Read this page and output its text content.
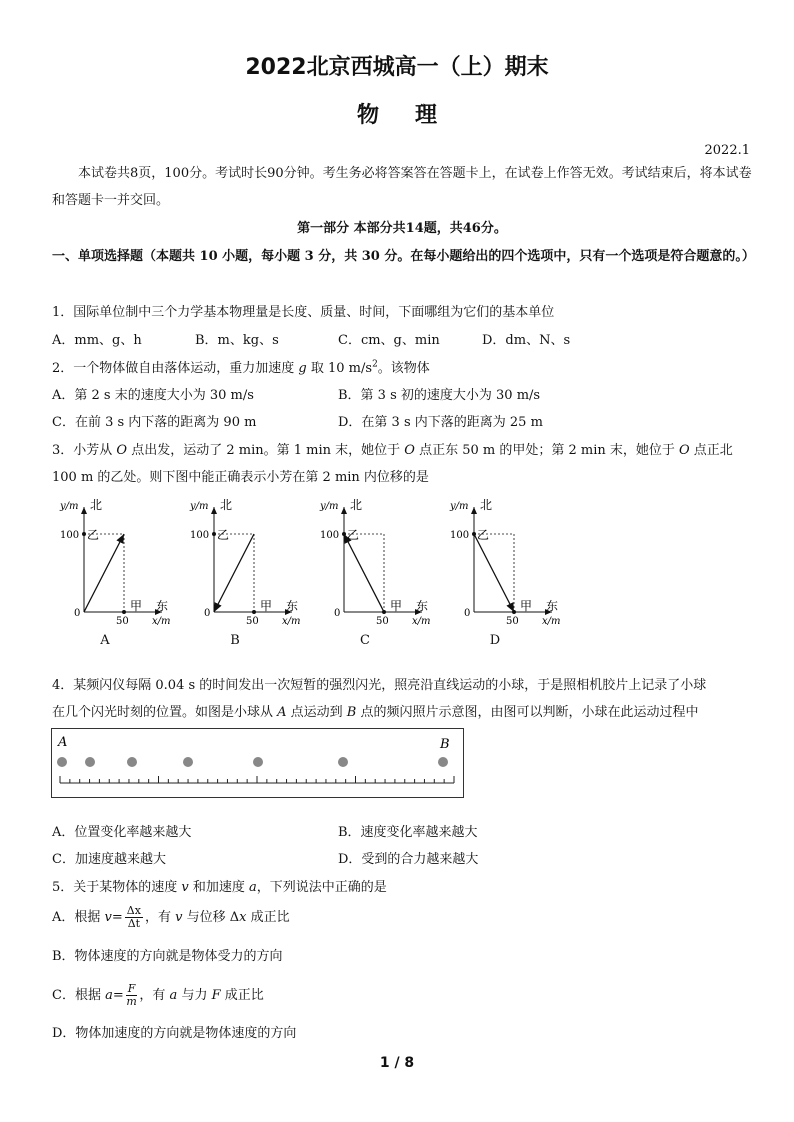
2022北京西城高一（上）期末
物理
2022.1
本试卷共8页，100分。考试时长90分钟。考生务必将答案答在答题卡上，在试卷上作答无效。考试结束后，将本试卷和答题卡一并交回。
第一部分 本部分共14题，共46分。
一、单项选择题（本题共 10 小题，每小题 3 分，共 30 分。在每小题给出的四个选项中，只有一个选项是符合题意的。）
1．国际单位制中三个力学基本物理量是长度、质量、时间，下面哪组为它们的基本单位
A．mm、g、h	B．m、kg、s	C．cm、g、min	D．dm、N、s
2．一个物体做自由落体运动，重力加速度 g 取 10 $m/s^2$。该物体
A．第 2 s 末的速度大小为 30 m/s	B．第 3 s 初的速度大小为 30 m/s
C．在前 3 s 内下落的距离为 90 m	D．在第 3 s 内下落的距离为 25 m
3．小芳从 O 点出发，运动了 2 min。第 1 min 末，她位于 O 点正东 50 m 的甲处；第 2 min 末，她位于 O 点正北
100 m 的乙处。则下图中能正确表示小芳在第 2 min 内位移的是
y/m 北
100 乙
0
50
甲 东
x/m
y/m 北
100 乙
0
50
甲 东
x/m
y/m 北
100 乙
0
50
甲 东
x/m
y/m 北
100 乙
0
50
甲 东
x/m
A	B	C	D
4．某频闪仪每隔 0.04 s 的时间发出一次短暂的强烈闪光，照亮沿直线运动的小球，于是照相机胶片上记录了小球
在几个闪光时刻的位置。如图是小球从 A 点运动到 B 点的频闪照片示意图，由图可以判断，小球在此运动过程中
A	B
A．位置变化率越来越大	B．速度变化率越来越大
C．加速度越来越大	D．受到的合力越来越大
5．关于某物体的速度 v 和加速度 a，下列说法中正确的是
A．根据 $v= \frac{\Delta x}{\Delta t}$ ，有 v 与位移 Δx 成正比
B．物体速度的方向就是物体受力的方向
C．根据 $a= \frac{F}{m}$ ，有 a 与力 F 成正比
D．物体加速度的方向就是物体速度的方向
1 / 8
